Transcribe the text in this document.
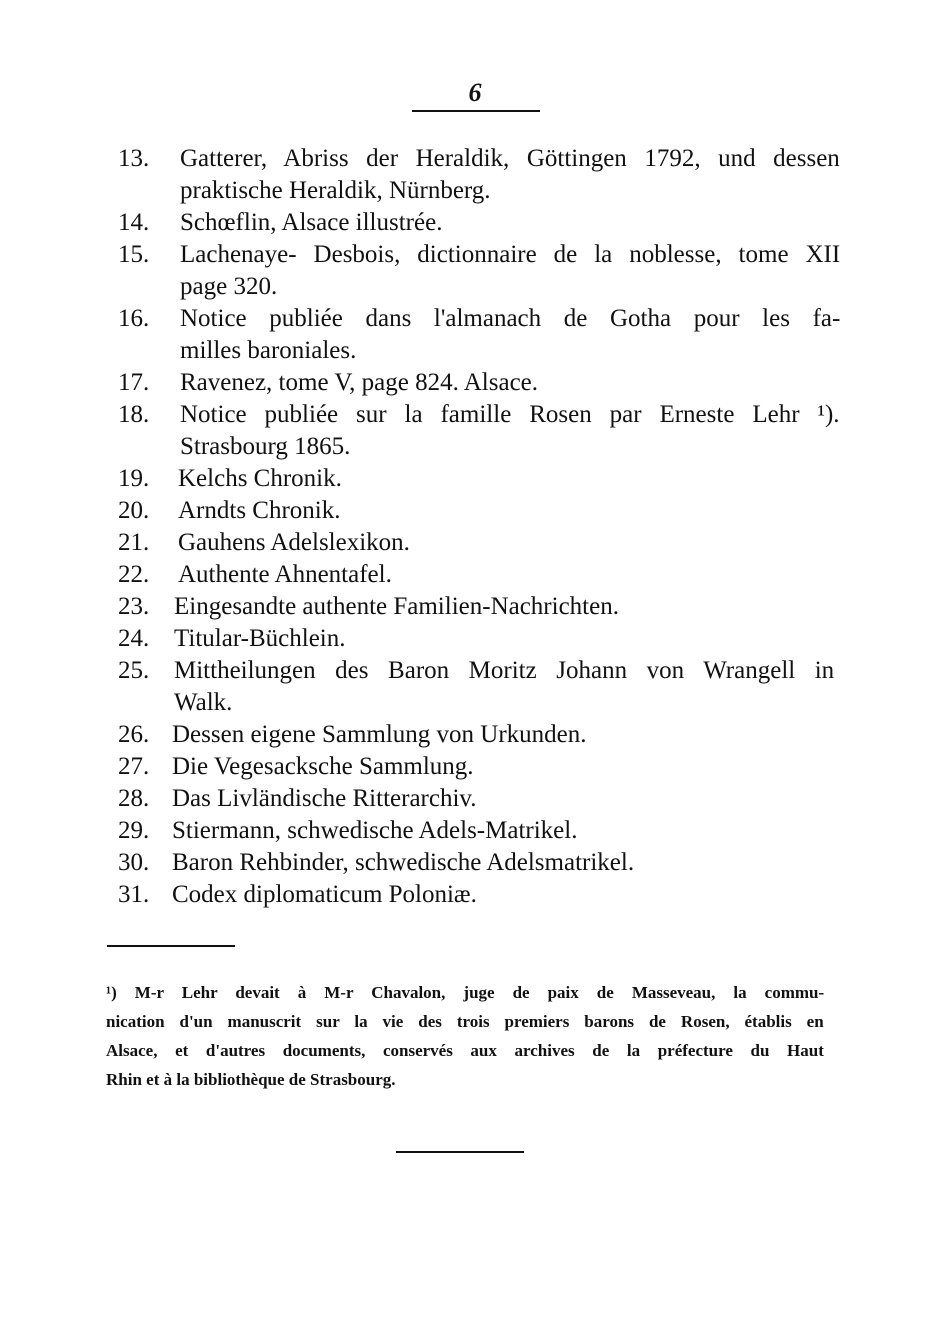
6
13. Gatterer, Abriss der Heraldik, Göttingen 1792, und dessen
praktische Heraldik, Nürnberg.
14. Schœflin, Alsace illustrée.
15. Lachenaye- Desbois, dictionnaire de la noblesse, tome XII
page 320.
16. Notice publiée dans l'almanach de Gotha pour les fa-
milles baroniales.
17. Ravenez, tome V, page 824. Alsace.
18. Notice publiée sur la famille Rosen par Erneste Lehr ¹).
Strasbourg 1865.
19. Kelchs Chronik.
20. Arndts Chronik.
21. Gauhens Adelslexikon.
22. Authente Ahnentafel.
23. Eingesandte authente Familien-Nachrichten.
24. Titular-Büchlein.
25. Mittheilungen des Baron Moritz Johann von Wrangell in
Walk.
26. Dessen eigene Sammlung von Urkunden.
27. Die Vegesacksche Sammlung.
28. Das Livländische Ritterarchiv.
29. Stiermann, schwedische Adels-Matrikel.
30. Baron Rehbinder, schwedische Adelsmatrikel.
31. Codex diplomaticum Poloniæ.
¹) M-r Lehr devait à M-r Chavalon, juge de paix de Masseveau, la commu-
nication d'un manuscrit sur la vie des trois premiers barons de Rosen, établis en
Alsace, et d'autres documents, conservés aux archives de la préfecture du Haut
Rhin et à la bibliothèque de Strasbourg.
